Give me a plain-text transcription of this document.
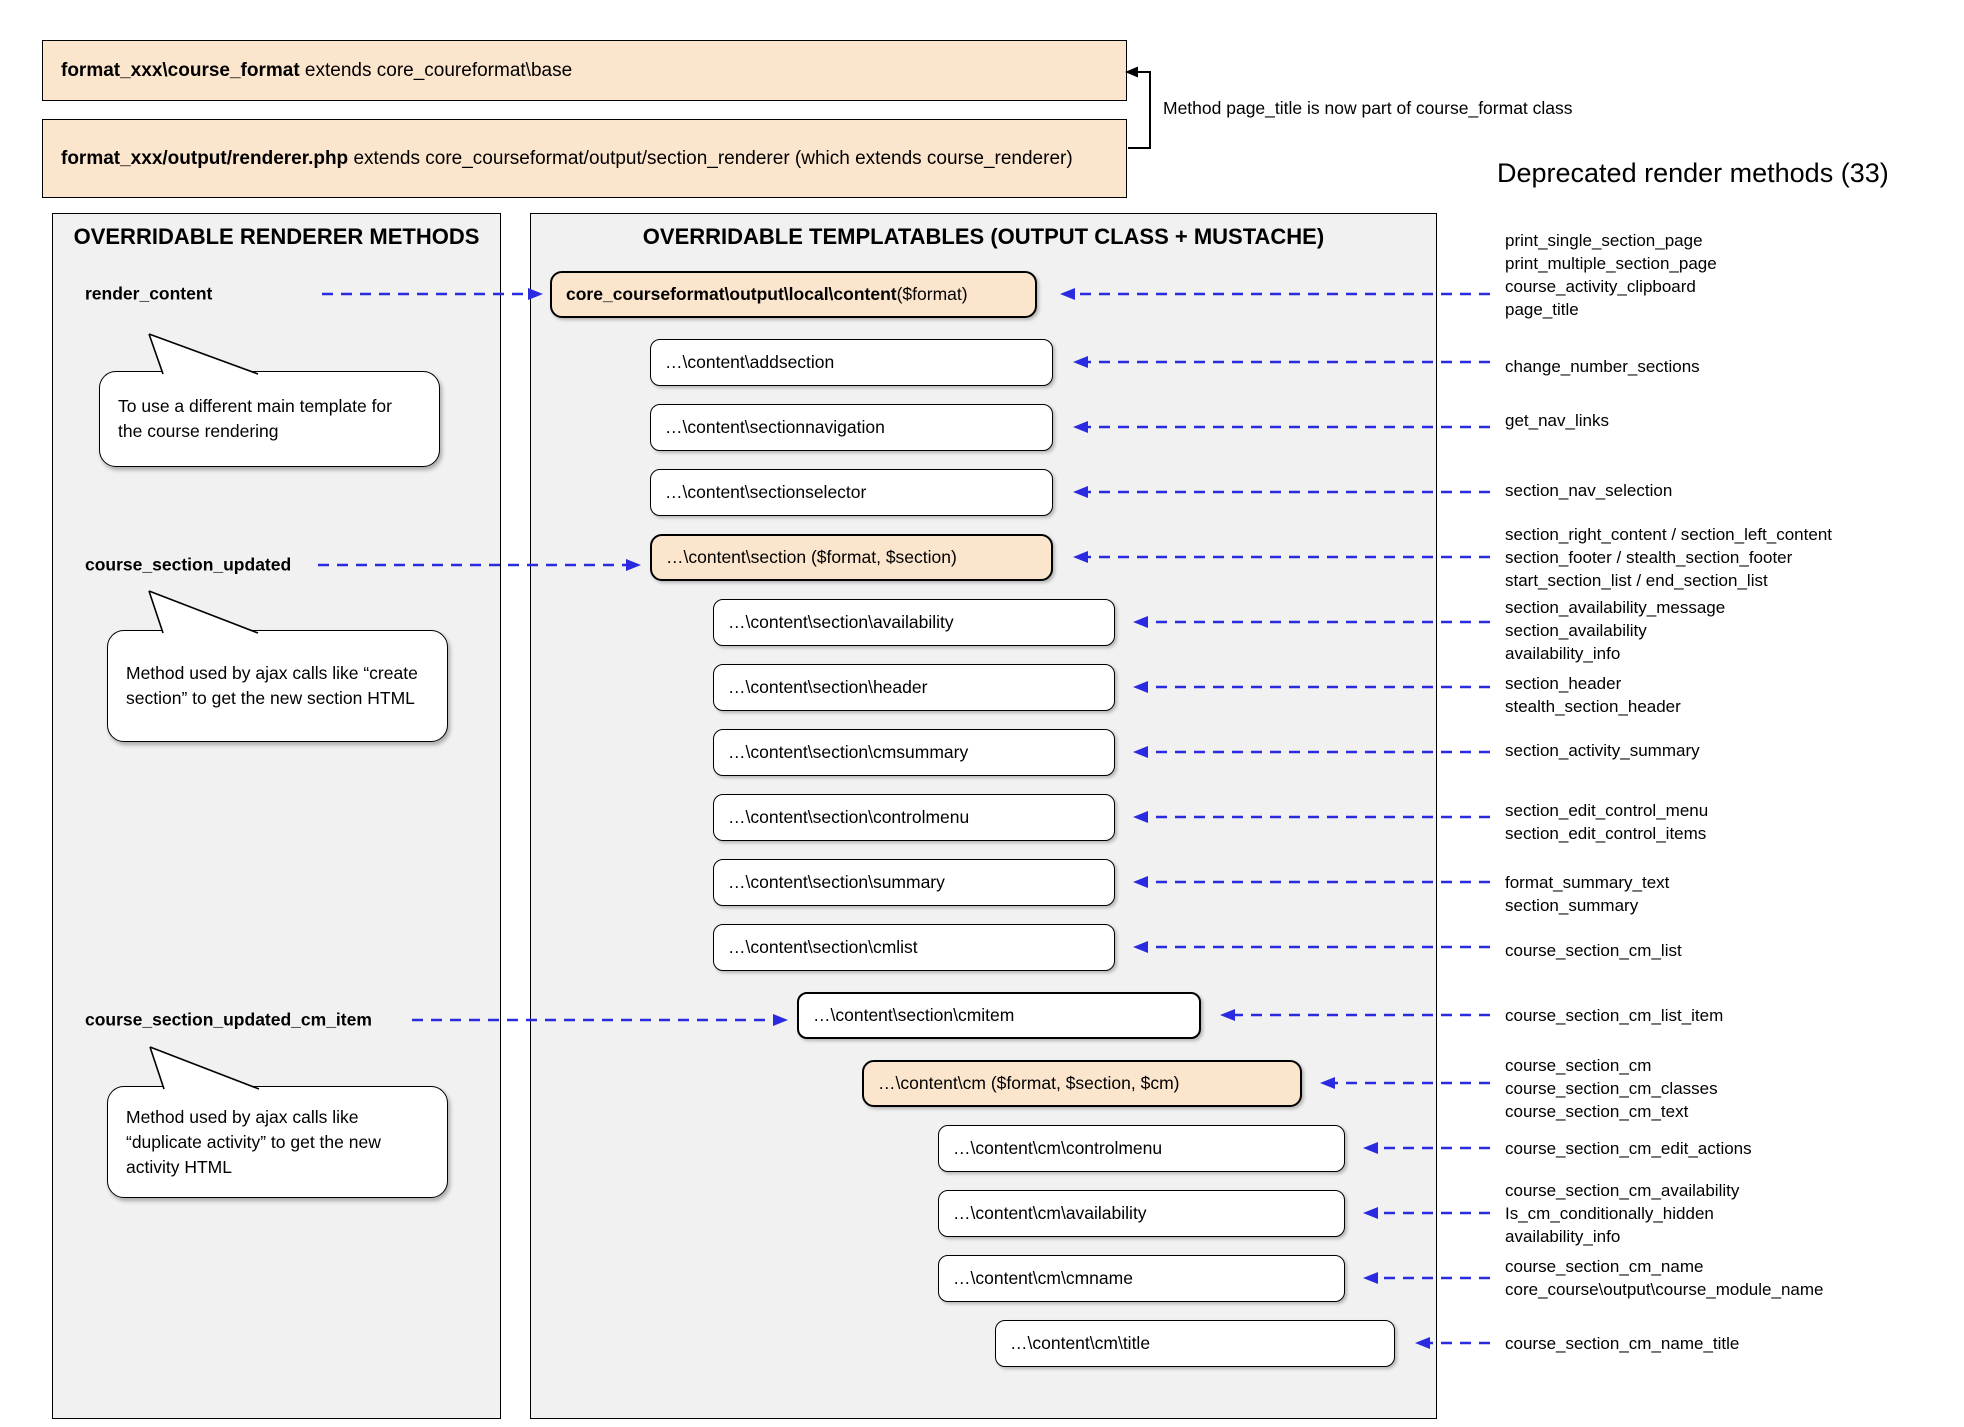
format_xxx\course_format extends core_coureformat\base
format_xxx/output/renderer.php extends core_courseformat/output/section_renderer (which extends course_renderer)
Method page_title is now part of course_format class
Deprecated render methods (33)
OVERRIDABLE RENDERER METHODS	OVERRIDABLE TEMPLATABLES (OUTPUT CLASS + MUSTACHE)
core_courseformat\output\local\content ($format)
…\content\addsection
…\content\sectionnavigation
…\content\sectionselector
…\content\section ($format, $section)
…\content\section\availability
…\content\section\header
…\content\section\cmsummary
…\content\section\controlmenu
…\content\section\summary
…\content\section\cmlist
…\content\section\cmitem
…\content\cm ($format, $section, $cm)
…\content\cm\controlmenu
…\content\cm\availability
…\content\cm\cmname
…\content\cm\title
render_content
To use a different main template for the course rendering
course_section_updated
Method used by ajax calls like “create section” to get the new section HTML
course_section_updated_cm_item
Method used by ajax calls like “duplicate activity” to get the new activity HTML
print_single_section_page
print_multiple_section_page
course_activity_clipboard
page_title
change_number_sections
get_nav_links
section_nav_selection
section_right_content / section_left_content
section_footer / stealth_section_footer
start_section_list / end_section_list
section_availability_message
section_availability
availability_info
section_header
stealth_section_header
section_activity_summary
section_edit_control_menu
section_edit_control_items
format_summary_text
section_summary
course_section_cm_list
course_section_cm_list_item
course_section_cm
course_section_cm_classes
course_section_cm_text
course_section_cm_edit_actions
course_section_cm_availability
Is_cm_conditionally_hidden
availability_info
course_section_cm_name
core_course\output\course_module_name
course_section_cm_name_title
